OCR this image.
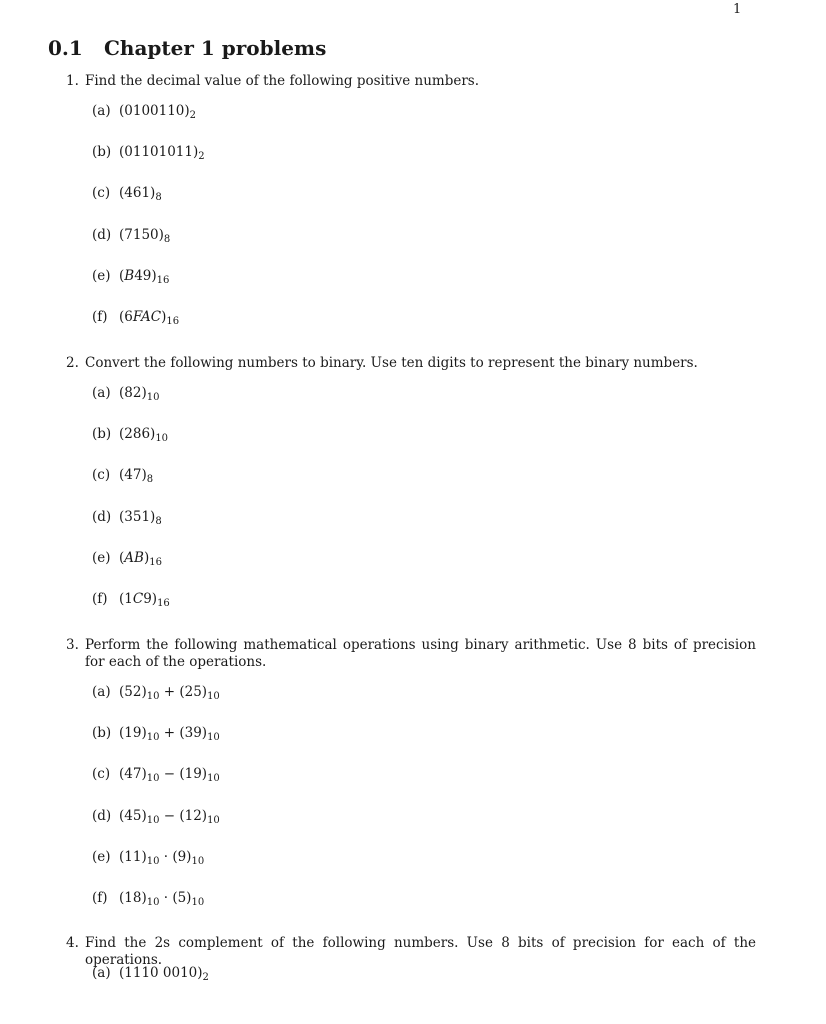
1
0.1 Chapter 1 problems
1. Find the decimal value of the following positive numbers.
(a) $(0100110)_2$
(b) $(01101011)_2$
(c) $(461)_8$
(d) $(7150)_8$
(e) $(B49)_{16}$
(f) $(6FAC)_{16}$
2. Convert the following numbers to binary. Use ten digits to represent the binary numbers.
(a) $(82)_{10}$
(b) $(286)_{10}$
(c) $(47)_8$
(d) $(351)_8$
(e) $(AB)_{16}$
(f) $(1C9)_{16}$
3. Perform the following mathematical operations using binary arithmetic. Use 8 bits of precision for each of the operations.
(a) $(52)_{10} + (25)_{10}$
(b) $(19)_{10} + (39)_{10}$
(c) $(47)_{10} - (19)_{10}$
(d) $(45)_{10} - (12)_{10}$
(e) $(11)_{10} \cdot (9)_{10}$
(f) $(18)_{10} \cdot (5)_{10}$
4. Find the 2s complement of the following numbers. Use 8 bits of precision for each of the operations.
(a) (1110 $0010)_2$
